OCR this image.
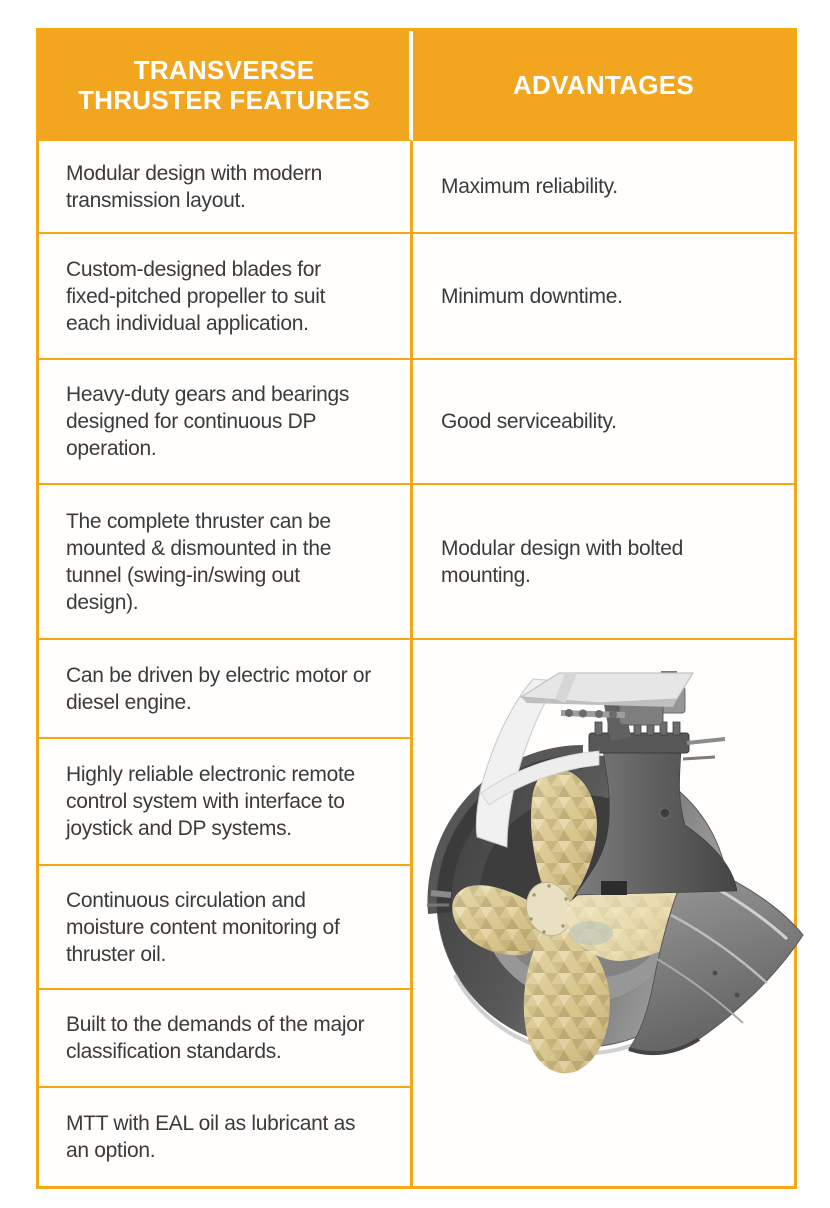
TRANSVERSE THRUSTER FEATURES
ADVANTAGES
Modular design with modern transmission layout.
Maximum reliability.
Custom-designed blades for fixed-pitched propeller to suit each individual application.
Minimum downtime.
Heavy-duty gears and bearings designed for continuous DP operation.
Good serviceability.
The complete thruster can be mounted & dismounted in the tunnel (swing-in/swing out design).
Modular design with bolted mounting.
Can be driven by electric motor or diesel engine.
Highly reliable electronic remote control system with interface to joystick and DP systems.
Continuous circulation and moisture content monitoring of thruster oil.
Built to the demands of the major classification standards.
MTT with EAL oil as lubricant as an option.
